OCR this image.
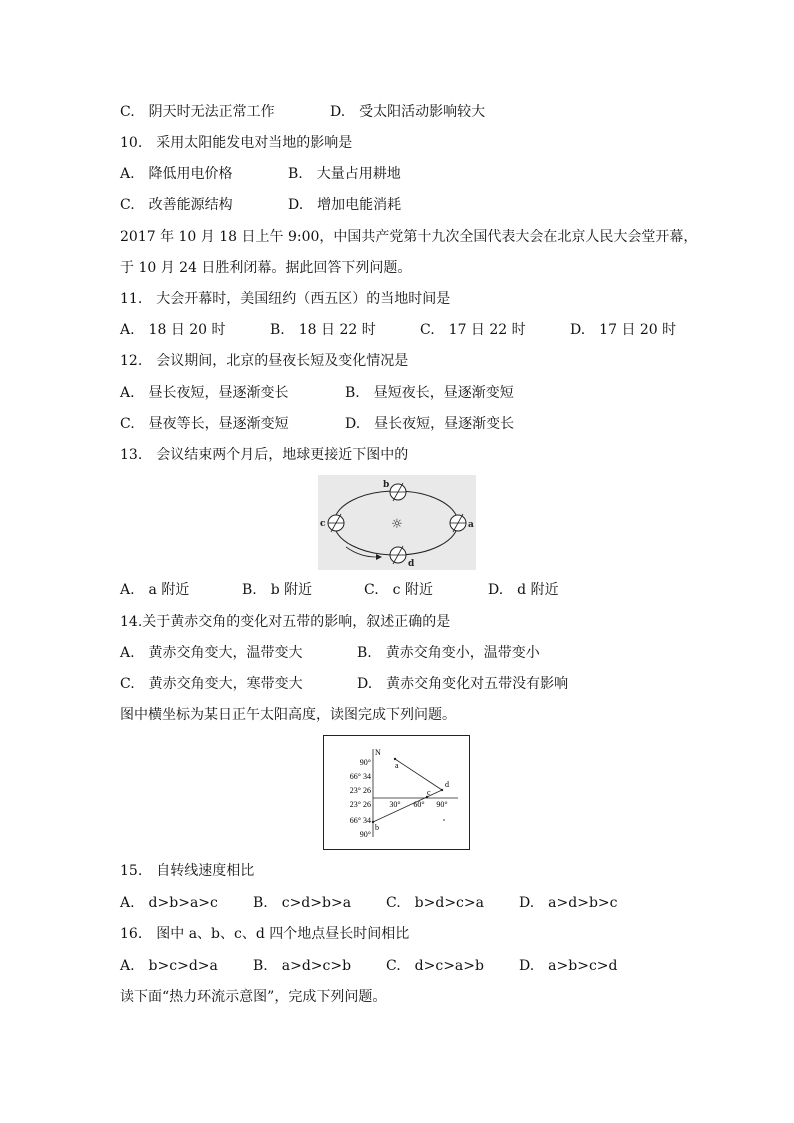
C.　阴天时无法正常工作	D.　受太阳活动影响较大
10.　采用太阳能发电对当地的影响是
A.　降低用电价格	B.　大量占用耕地
C.　改善能源结构	D.　增加电能消耗
2017 年 10 月 18 日上午 9:00，中国共产党第十九次全国代表大会在北京人民大会堂开幕，
于 10 月 24 日胜利闭幕。据此回答下列问题。
11.　大会开幕时，美国纽约（西五区）的当地时间是
A.　18 日 20 时	B.　18 日 22 时	C.　17 日 22 时	D.　17 日 20 时
12.　会议期间，北京的昼夜长短及变化情况是
A.　昼长夜短，昼逐渐变长	B.　昼短夜长，昼逐渐变短
C.　昼夜等长，昼逐渐变短	D.　昼长夜短，昼逐渐变长
13.　会议结束两个月后，地球更接近下图中的
☼
b
c	a
d
A.　a 附近	B.　b 附近	C.　c 附近	D.　d 附近
14.关于黄赤交角的变化对五带的影响，叙述正确的是
A.　黄赤交角变大，温带变大	B.　黄赤交角变小，温带变小
C.　黄赤交角变大，寒带变大	D.　黄赤交角变化对五带没有影响
图中横坐标为某日正午太阳高度，读图完成下列问题。
N
90°
66° 34
23° 26
23° 26
66° 34
90°
30° 60° 90°
a
b
c
d
15.　自转线速度相比
A.　d>b>a>c	B.　c>d>b>a C.　b>d>c>a	D.　a>d>b>c
16.　图中 a、b、c、d 四个地点昼长时间相比
A.　b>c>d>a	B.　a>d>c>b C.　d>c>a>b	D.　a>b>c>d
读下面“热力环流示意图”，完成下列问题。
